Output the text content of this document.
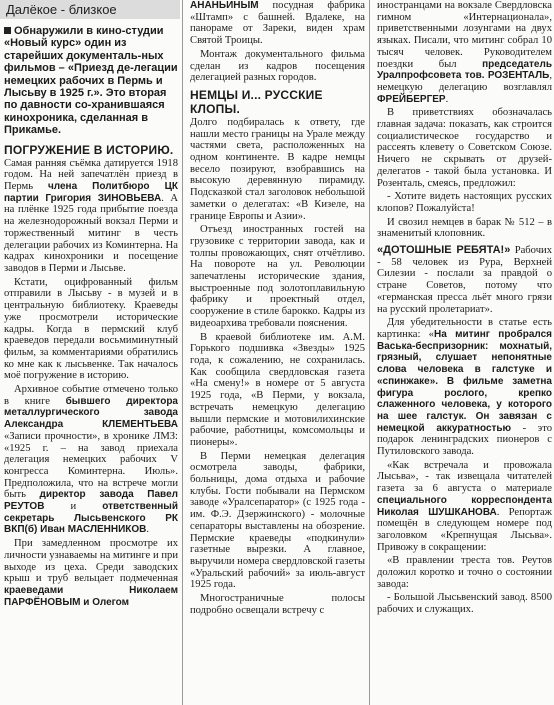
Далёкое - близкое
Обнаружили в кино-студии «Новый курс» один из старейших документаль-ных фильмов – «Приезд де-легации немецких рабочих в Пермь и Лысьву в 1925 г.». Это вторая по давности со-хранившаяся кинохроника, сделанная в Прикамье.
ПОГРУЖЕНИЕ В ИСТОРИЮ.

Самая ранняя съёмка датируется 1918 годом. На ней запечатлён приезд в Пермь члена Политбюро ЦК партии Григория ЗИНОВЬЕВА. А на плёнке 1925 года прибытие поезда на железнодорожный вокзал Перми и торжественный митинг в честь делегации рабочих из Коминтерна. На кадрах кинохроники и посещение заводов в Перми и Лысьве.

Кстати, оцифрованный фильм отправили в Лысьву - в музей и в центральную библиотеку. Краеведы уже просмотрели исторические кадры. Когда в пермский клуб краеведов передали восьмиминутный фильм, за комментариями обратились ко мне как к лысьвенке. Так началось моё погружение в историю.

Архивное событие отмечено только в книге бывшего директора металлургического завода Александра КЛЕМЕНТЬЕВА «Записи прочности», в хронике ЛМЗ: «1925 г. – на завод приехала делегация немецких рабочих V конгресса Коминтерна. Июль». Предположила, что на встрече могли быть директор завода Павел РЕУТОВ и ответственный секретарь Лысьвенского РК ВКП(б) Иван МАСЛЕННИКОВ.

При замедленном просмотре их личности узнаваемы на митинге и при выходе из цеха. Среди заводских крыш и труб вельцает подмеченная краеведами Николаем ПАРФЁНОВЫМ и Олегом

АНАНЬИНЫМ посудная фабрика «Штамп» с башней. Вдалеке, на панораме от Зареки, виден храм Святой Троицы.

Монтаж документального фильма сделан из кадров посещения делегацией разных городов.

НЕМЦЫ И... РУССКИЕ КЛОПЫ.

Долго подбиралась к ответу, где нашли место границы на Урале между частями света, расположенных на одном континенте. В кадре немцы весело позируют, взобравшись на высокую деревянную пирамиду. Подсказкой стал заголовок небольшой заметки о делегатах: «В Кизеле, на границе Европы и Азии».

Отъезд иностранных гостей на грузовике с территории завода, как и толпы провожающих, снят отчётливо. На повороте на ул. Революции запечатлены исторические здания, выстроенные под золотоплавильную фабрику и проектный отдел, сооружение в стиле барокко. Кадры из видеоархива требовали пояснения.

В краевой библиотеке им. А.М. Горького подшивка «Звезды» 1925 года, к сожалению, не сохранилась. Как сообщила свердловская газета «На смену!» в номере от 5 августа 1925 года, «В Перми, у вокзала, встречать немецкую делегацию вышли пермские и мотовилихинские рабочие, работницы, комсомольцы и пионеры».

В Перми немецкая делегация осмотрела заводы, фабрики, больницы, дома отдыха и рабочие клубы. Гости побывали на Пермском заводе «Уралсепаратор» (с 1925 года - им. Ф.Э. Дзержинского) - молочные сепараторы выставлены на обозрение. Пермские краеведы «подкинули» газетные вырезки. А главное, выручили номера свердловской газеты «Уральский рабочий» за июль-август 1925 года.

Многостраничные полосы подробно освещали встречу с

иностранцами на вокзале Свердловска гимном «Интернационала», приветственными лозунгами на двух языках. Писали, что митинг собрал 10 тысяч человек. Руководителем поездки был председатель Уралпрофсовета тов. РОЗЕНТАЛЬ, немецкую делегацию возглавлял ФРЕЙБЕРГЕР.

В приветствиях обозначалась главная задача: показать, как строится социалистическое государство и рассеять клевету о Советском Союзе. Ничего не скрывать от друзей-делегатов - такой была установка. И Розенталь, смеясь, предложил:

- Хотите видеть настоящих русских клопов? Пожалуйста!

И свозил немцев в барак № 512 – в знаменитый клоповник.

«ДОТОШНЫЕ РЕБЯТА!» Рабочих - 58 человек из Рура, Верхней Силезии - послали за правдой о стране Советов, потому что «германская пресса льёт много грязи на русский пролетариат».

Для убедительности в статье есть картинка: «На митинг пробрался Васька-беспризорник: мохнатый, грязный, слушает непонятные слова человека в галстуке и «спинжаке». В фильме заметна фигура рослого, крепко слаженного человека, у которого на шее галстук. Он завязан с немецкой аккуратностью - это подарок ленинградских пионеров с Путиловского завода.

«Как встречала и провожала Лысьва», - так извещала читателей газета за 6 августа о материале специального корреспондента Николая ШУШКАНОВА. Репортаж помещён в следующем номере под заголовком «Крепнущая Лысьва». Привожу в сокращении:

«В правлении треста тов. Реутов доложил коротко и точно о состоянии завода:

- Большой Лысьвенский завод. 8500 рабочих и служащих.
